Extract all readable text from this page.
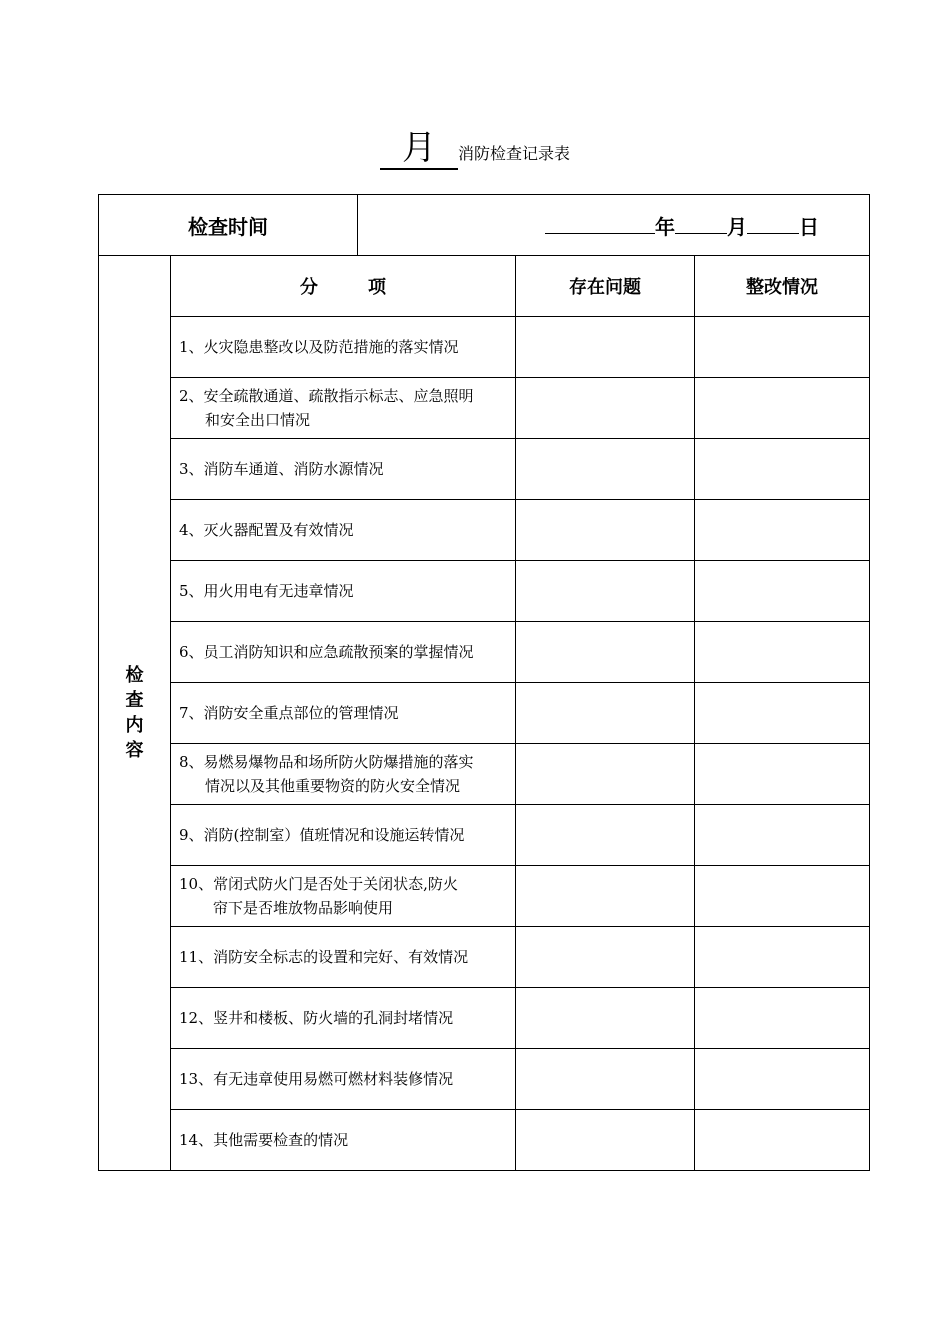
月 消防检查记录表
检查时间		年 月 日		
检查内容	分        项		存在问题	整改情况
	1、火灾隐患整改以及防范措施的落实情况			
	2、安全疏散通道、疏散指示标志、应急照明
和安全出口情况			

	3、消防车通道、消防水源情况			
	4、灭火器配置及有效情况			
	5、用火用电有无违章情况			
	6、员工消防知识和应急疏散预案的掌握情况			
	7、消防安全重点部位的管理情况			
	8、易燃易爆物品和场所防火防爆措施的落实
情况以及其他重要物资的防火安全情况			

	9、消防(控制室）值班情况和设施运转情况			
	10、常闭式防火门是否处于关闭状态,防火
帘下是否堆放物品影响使用			

	11、消防安全标志的设置和完好、有效情况			
	12、竖井和楼板、防火墙的孔洞封堵情况			
	13、有无违章使用易燃可燃材料装修情况			
	14、其他需要检查的情况			
